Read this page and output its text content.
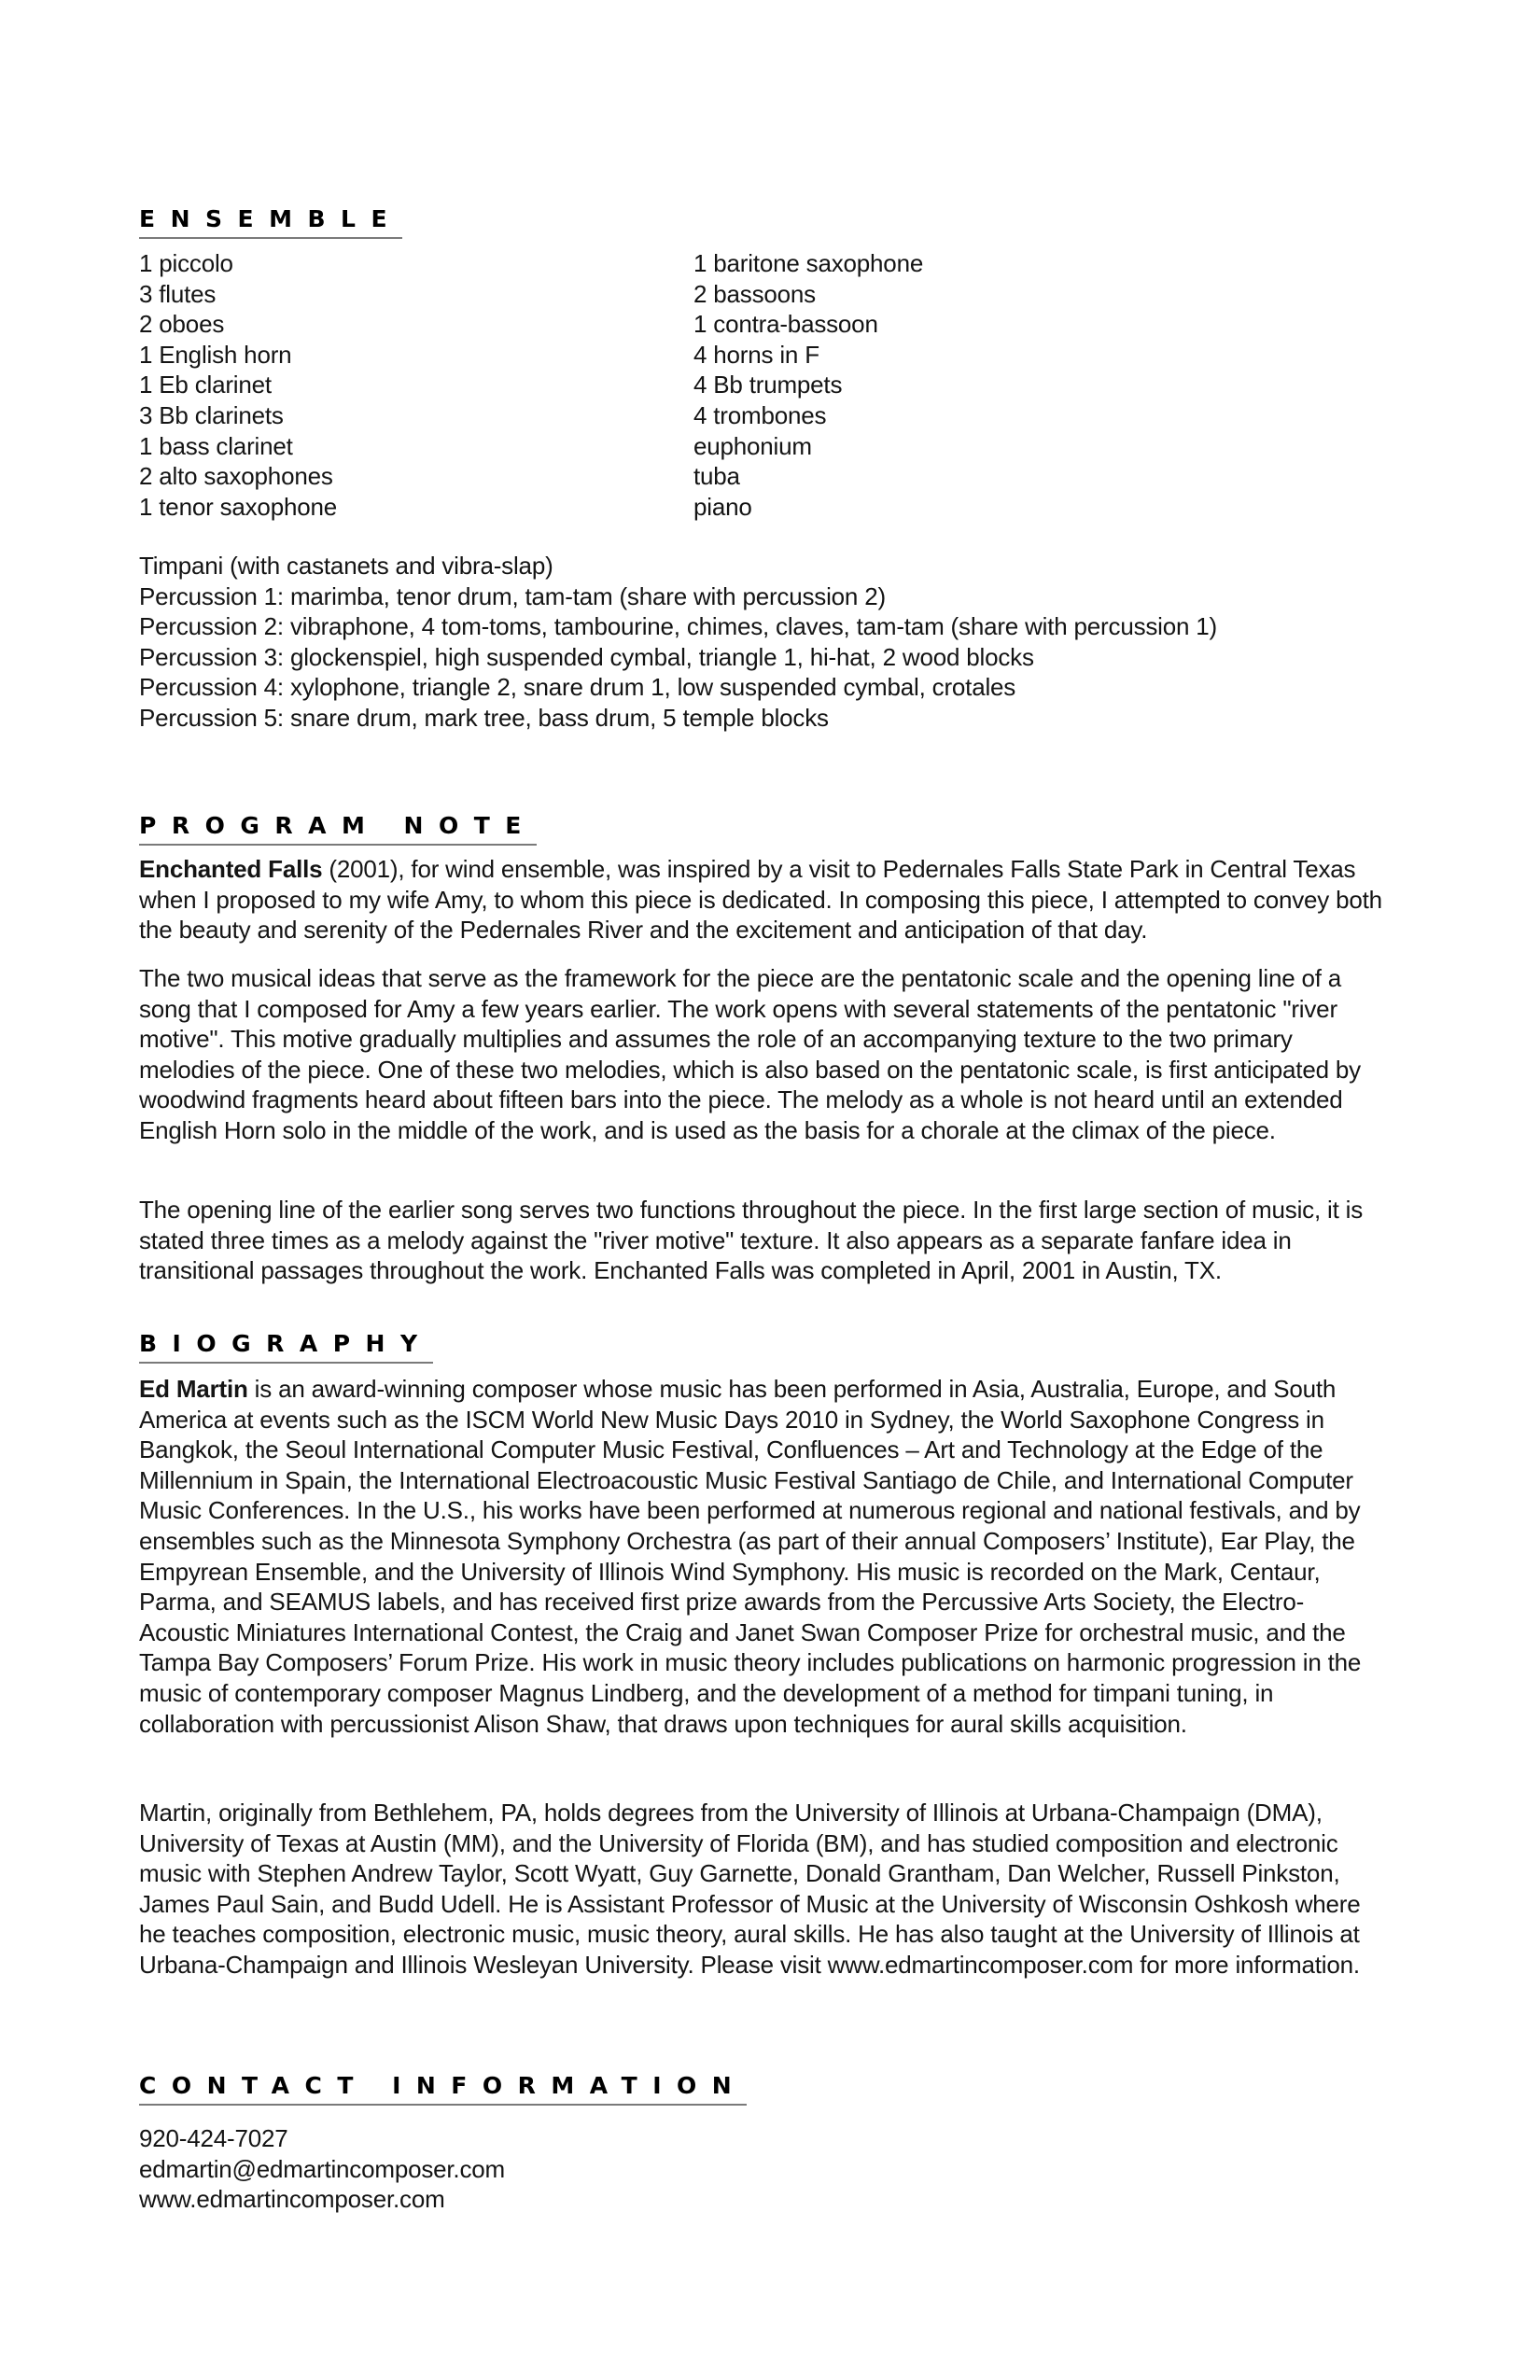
ENSEMBLE
1 piccolo
3 flutes
2 oboes
1 English horn
1 Eb clarinet
3 Bb clarinets
1 bass clarinet
2 alto saxophones
1 tenor saxophone
1 baritone saxophone
2 bassoons
1 contra-bassoon
4 horns in F
4 Bb trumpets
4 trombones
euphonium
tuba
piano
Timpani (with castanets and vibra-slap)
Percussion 1: marimba, tenor drum, tam-tam (share with percussion 2)
Percussion 2: vibraphone, 4 tom-toms, tambourine, chimes, claves, tam-tam (share with percussion 1)
Percussion 3: glockenspiel, high suspended cymbal, triangle 1, hi-hat, 2 wood blocks
Percussion 4: xylophone, triangle 2, snare drum 1, low suspended cymbal, crotales
Percussion 5: snare drum, mark tree, bass drum, 5 temple blocks
PROGRAM NOTE

Enchanted Falls (2001), for wind ensemble, was inspired by a visit to Pedernales Falls State Park in Central Texas when I proposed to my wife Amy, to whom this piece is dedicated. In composing this piece, I attempted to convey both the beauty and serenity of the Pedernales River and the excitement and anticipation of that day.

The two musical ideas that serve as the framework for the piece are the pentatonic scale and the opening line of a song that I composed for Amy a few years earlier. The work opens with several statements of the pentatonic "river motive". This motive gradually multiplies and assumes the role of an accompanying texture to the two primary melodies of the piece. One of these two melodies, which is also based on the pentatonic scale, is first anticipated by woodwind fragments heard about fifteen bars into the piece. The melody as a whole is not heard until an extended English Horn solo in the middle of the work, and is used as the basis for a chorale at the climax of the piece.

The opening line of the earlier song serves two functions throughout the piece. In the first large section of music, it is stated three times as a melody against the "river motive" texture. It also appears as a separate fanfare idea in transitional passages throughout the work. Enchanted Falls was completed in April, 2001 in Austin, TX.

BIOGRAPHY

Ed Martin is an award-winning composer whose music has been performed in Asia, Australia, Europe, and South America at events such as the ISCM World New Music Days 2010 in Sydney, the World Saxophone Congress in Bangkok, the Seoul International Computer Music Festival, Confluences – Art and Technology at the Edge of the Millennium in Spain, the International Electroacoustic Music Festival Santiago de Chile, and International Computer Music Conferences. In the U.S., his works have been performed at numerous regional and national festivals, and by ensembles such as the Minnesota Symphony Orchestra (as part of their annual Composers’ Institute), Ear Play, the Empyrean Ensemble, and the University of Illinois Wind Symphony. His music is recorded on the Mark, Centaur, Parma, and SEAMUS labels, and has received first prize awards from the Percussive Arts Society, the Electro-Acoustic Miniatures International Contest, the Craig and Janet Swan Composer Prize for orchestral music, and the Tampa Bay Composers’ Forum Prize. His work in music theory includes publications on harmonic progression in the music of contemporary composer Magnus Lindberg, and the development of a method for timpani tuning, in collaboration with percussionist Alison Shaw, that draws upon techniques for aural skills acquisition.

Martin, originally from Bethlehem, PA, holds degrees from the University of Illinois at Urbana-Champaign (DMA), University of Texas at Austin (MM), and the University of Florida (BM), and has studied composition and electronic music with Stephen Andrew Taylor, Scott Wyatt, Guy Garnette, Donald Grantham, Dan Welcher, Russell Pinkston, James Paul Sain, and Budd Udell. He is Assistant Professor of Music at the University of Wisconsin Oshkosh where he teaches composition, electronic music, music theory, aural skills. He has also taught at the University of Illinois at Urbana-Champaign and Illinois Wesleyan University. Please visit www.edmartincomposer.com for more information.

CONTACT INFORMATION
920-424-7027
edmartin@edmartincomposer.com
www.edmartincomposer.com
